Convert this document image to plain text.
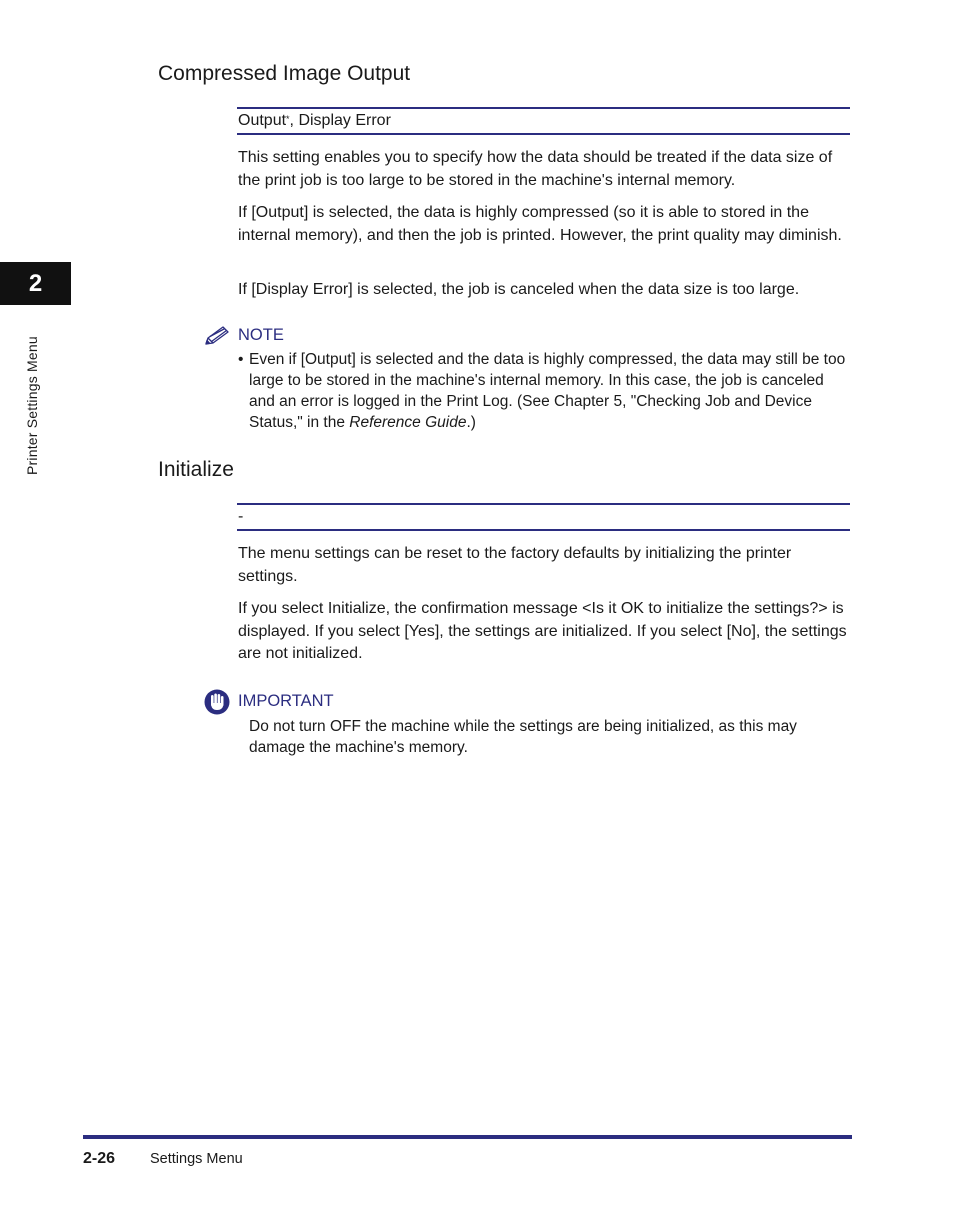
2
Printer Settings Menu
Compressed Image Output
Output* , Display Error

This setting enables you to specify how the data should be treated if the data size of the print job is too large to be stored in the machine's internal memory.

If [Output] is selected, the data is highly compressed (so it is able to stored in the internal memory), and then the job is printed. However, the print quality may diminish.

If [Display Error] is selected, the job is canceled when the data size is too large.

NOTE
• Even if [Output] is selected and the data is highly compressed, the data may still be too large to be stored in the machine's internal memory. In this case, the job is canceled and an error is logged in the Print Log. (See Chapter 5, "Checking Job and Device Status," in the Reference Guide.)
Initialize
-

The menu settings can be reset to the factory defaults by initializing the printer settings.

If you select Initialize, the confirmation message <Is it OK to initialize the settings?> is displayed. If you select [Yes], the settings are initialized. If you select [No], the settings are not initialized.

IMPORTANT
Do not turn OFF the machine while the settings are being initialized, as this may damage the machine's memory.
2-26 Settings Menu
